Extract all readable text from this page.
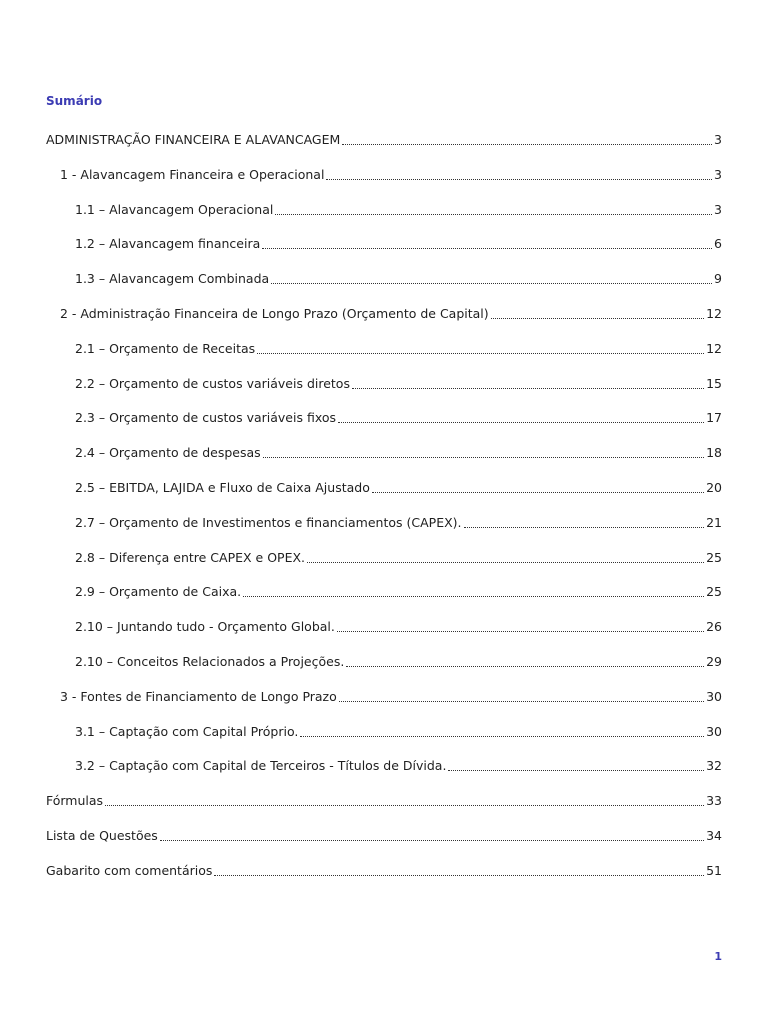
Sumário
ADMINISTRAÇÃO FINANCEIRA E ALAVANCAGEM	3
1 - Alavancagem Financeira e Operacional	3
1.1 – Alavancagem Operacional	3
1.2 – Alavancagem financeira	6
1.3 – Alavancagem Combinada	9
2 - Administração Financeira de Longo Prazo (Orçamento de Capital)	12
2.1 – Orçamento de Receitas	12
2.2 – Orçamento de custos variáveis diretos	15
2.3 – Orçamento de custos variáveis fixos	17
2.4 – Orçamento de despesas	18
2.5 – EBITDA, LAJIDA e Fluxo de Caixa Ajustado	20
2.7 – Orçamento de Investimentos e financiamentos (CAPEX).	21
2.8 – Diferença entre CAPEX e OPEX.	25
2.9 – Orçamento de Caixa.	25
2.10 – Juntando tudo - Orçamento Global.	26
2.10 – Conceitos Relacionados a Projeções.	29
3 - Fontes de Financiamento de Longo Prazo	30
3.1 – Captação com Capital Próprio.	30
3.2 – Captação com Capital de Terceiros - Títulos de Dívida.	32
Fórmulas	33
Lista de Questões	34
Gabarito com comentários	51
1
